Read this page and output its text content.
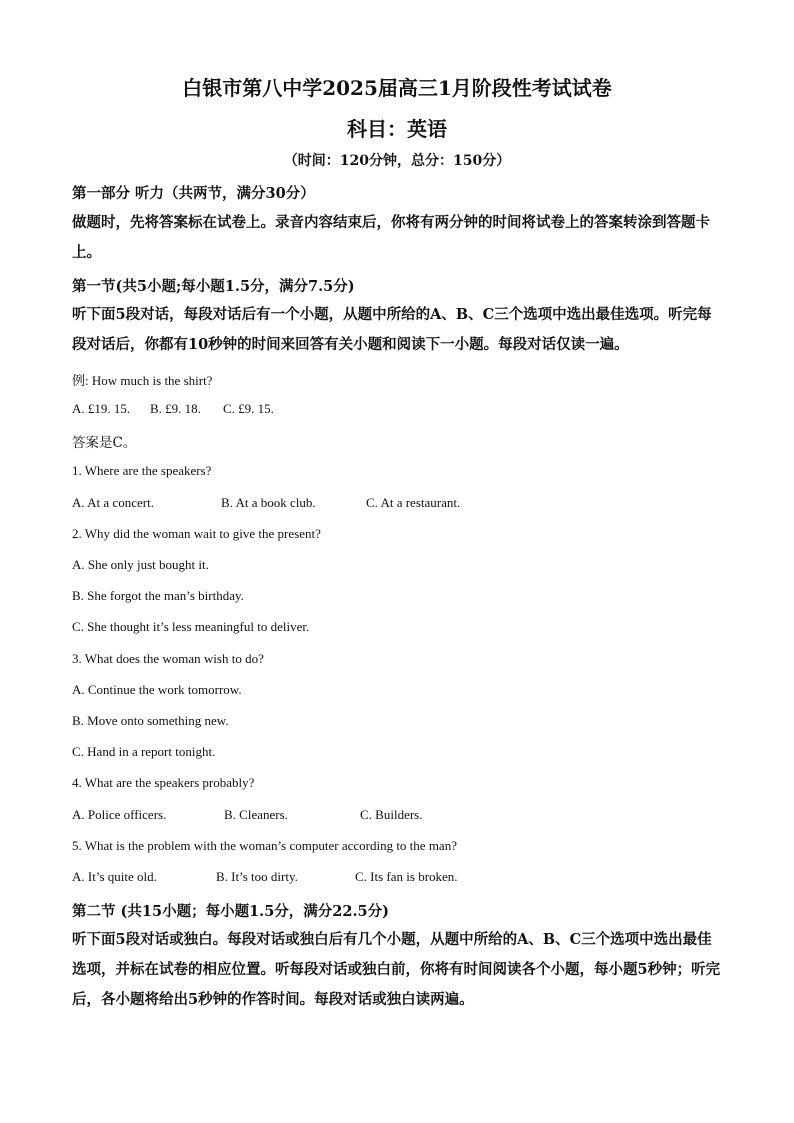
白银市第八中学2025届高三1月阶段性考试试卷
科目：英语
（时间：120分钟，总分：150分）
第一部分 听力（共两节，满分30分）
做题时，先将答案标在试卷上。录音内容结束后，你将有两分钟的时间将试卷上的答案转涂到答题卡上。
第一节(共5小题;每小题1.5分，满分7.5分)
听下面5段对话，每段对话后有一个小题，从题中所给的A、B、C三个选项中选出最佳选项。听完每段对话后，你都有10秒钟的时间来回答有关小题和阅读下一小题。每段对话仅读一遍。
例: How much is the shirt?
A. £19. 15. B. £9. 18. C. £9. 15.
答案是C。
1. Where are the speakers?
A. At a concert.	B. At a book club.	C. At a restaurant.
2. Why did the woman wait to give the present?
A. She only just bought it.
B. She forgot the man’s birthday.
C. She thought it’s less meaningful to deliver.
3. What does the woman wish to do?
A. Continue the work tomorrow.
B. Move onto something new.
C. Hand in a report tonight.
4. What are the speakers probably?
A. Police officers.	B. Cleaners.	C. Builders.
5. What is the problem with the woman’s computer according to the man?
A. It’s quite old.	B. It’s too dirty.	C. Its fan is broken.
第二节 (共15小题；每小题1.5分，满分22.5分)
听下面5段对话或独白。每段对话或独白后有几个小题，从题中所给的A、B、C三个选项中选出最佳选项，并标在试卷的相应位置。听每段对话或独白前，你将有时间阅读各个小题，每小题5秒钟；听完后，各小题将给出5秒钟的作答时间。每段对话或独白读两遍。
